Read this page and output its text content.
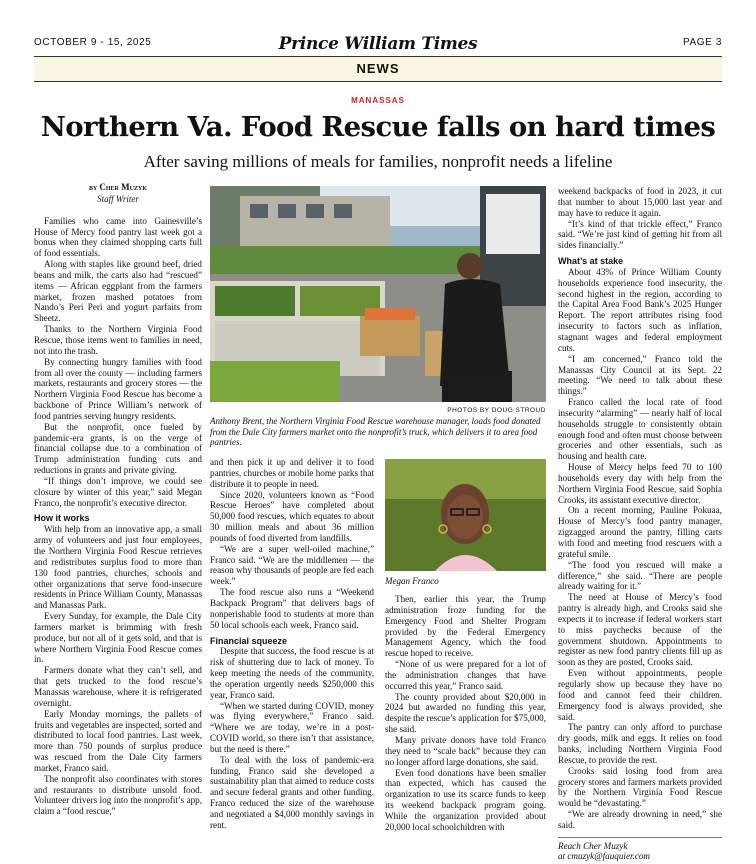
OCTOBER 9 - 15, 2025	Prince William Times	PAGE 3
NEWS
MANASSAS
Northern Va. Food Rescue falls on hard times
After saving millions of meals for families, nonprofit needs a lifeline
by Cher Muzyk
Staff Writer

Families who came into Gainesville’s House of Mercy food pantry last week got a bonus when they claimed shopping carts full of food essentials.

Along with staples like ground beef, dried beans and milk, the carts also had “rescued” items — African eggplant from the farmers market, frozen mashed potatoes from Nando’s Peri Peri and yogurt parfaits from Sheetz.

Thanks to the Northern Virginia Food Rescue, those items went to families in need, not into the trash.

By connecting hungry families with food from all over the county — including farmers markets, restaurants and grocery stores — the Northern Virginia Food Rescue has become a backbone of Prince William’s network of food pantries serving hungry residents.

But the nonprofit, once fueled by pandemic-era grants, is on the verge of financial collapse due to a combination of Trump administration funding cuts and reductions in grants and private giving.

“If things don’t improve, we could see closure by winter of this year,” said Megan Franco, the nonprofit’s executive director.

How it works

With help from an innovative app, a small army of volunteers and just four employees, the Northern Virginia Food Rescue retrieves and redistributes surplus food to more than 130 food pantries, churches, schools and other organizations that serve food-insecure residents in Prince William County, Manassas and Manassas Park.

Every Sunday, for example, the Dale City farmers market is brimming with fresh produce, but not all of it gets sold, and that is where Northern Virginia Food Rescue comes in.

Farmers donate what they can’t sell, and that gets trucked to the food rescue’s Manassas warehouse, where it is refrigerated overnight.

Early Monday mornings, the pallets of fruits and vegetables are inspected, sorted and distributed to local food pantries. Last week, more than 750 pounds of surplus produce was rescued from the Dale City farmers market, Franco said.

The nonprofit also coordinates with stores and restaurants to distribute unsold food. Volunteer drivers log into the nonprofit’s app, claim a “food rescue,”

PHOTOS BY DOUG STROUD
Anthony Brent, the Northern Virginia Food Rescue warehouse manager, loads food donated from the Dale City farmers market onto the nonprofit’s truck, which delivers it to area food pantries.

and then pick it up and deliver it to food pantries, churches or mobile home parks that distribute it to people in need.

Since 2020, volunteers known as “Food Rescue Heroes” have completed about 50,000 food rescues, which equates to about 30 million meals and about 36 million pounds of food diverted from landfills.

“We are a super well-oiled machine,” Franco said. “We are the middlemen — the reason why thousands of people are fed each week.”

The food rescue also runs a “Weekend Backpack Program” that delivers bags of nonperishable food to students at more than 50 local schools each week, Franco said.

Financial squeeze

Despite that success, the food rescue is at risk of shuttering due to lack of money. To keep meeting the needs of the community, the operation urgently needs $250,000 this year, Franco said.

“When we started during COVID, money was flying everywhere,” Franco said. “Where we are today, we’re in a post-COVID world, so there isn’t that assistance, but the need is there.”

To deal with the loss of pandemic-era funding, Franco said she developed a sustainability plan that aimed to reduce costs and secure federal grants and other funding. Franco reduced the size of the warehouse and negotiated a $4,000 monthly savings in rent.

Megan Franco

Then, earlier this year, the Trump administration froze funding for the Emergency Food and Shelter Program provided by the Federal Emergency Management Agency, which the food rescue hoped to receive.

“None of us were prepared for a lot of the administration changes that have occurred this year,” Franco said.

The county provided about $20,000 in 2024 but awarded no funding this year, despite the rescue’s application for $75,000, she said.

Many private donors have told Franco they need to “scale back” because they can no longer afford large donations, she said.

Even food donations have been smaller than expected, which has caused the organization to use its scarce funds to keep its weekend backpack program going. While the organization provided about 20,000 local schoolchildren with

weekend backpacks of food in 2023, it cut that number to about 15,000 last year and may have to reduce it again.

“It’s kind of that trickle effect,” Franco said. “We’re just kind of getting hit from all sides financially.”

What’s at stake

About 43% of Prince William County households experience food insecurity, the second highest in the region, according to the Capital Area Food Bank’s 2025 Hunger Report. The report attributes rising food insecurity to factors such as inflation, stagnant wages and federal employment cuts.

“I am concerned,” Franco told the Manassas City Council at its Sept. 22 meeting. “We need to talk about these things.”

Franco called the local rate of food insecurity “alarming” — nearly half of local households struggle to consistently obtain enough food and often must choose between groceries and other essentials, such as housing and health care.

House of Mercy helps feed 70 to 100 households every day with help from the Northern Virginia Food Rescue, said Sophia Crooks, its assistant executive director.

On a recent morning, Pauline Pokuaa, House of Mercy’s food pantry manager, zigzagged around the pantry, filling carts with food and meeting food rescuers with a grateful smile.

“The food you rescued will make a difference,” she said. “There are people already waiting for it.”

The need at House of Mercy’s food pantry is already high, and Crooks said she expects it to increase if federal workers start to miss paychecks because of the government shutdown. Appointments to register as new food pantry clients fill up as soon as they are posted, Crooks said.

Even without appointments, people regularly show up because they have no food and cannot feed their children. Emergency food is always provided, she said.

The pantry can only afford to purchase dry goods, milk and eggs. It relies on food banks, including Northern Virginia Food Rescue, to provide the rest.

Crooks said losing food from area grocery stores and farmers markets provided by the Northern Virginia Food Rescue would be “devastating.”

“We are already drowning in need,” she said.

Reach Cher Muzyk
at cmuzyk@fauquier.com
